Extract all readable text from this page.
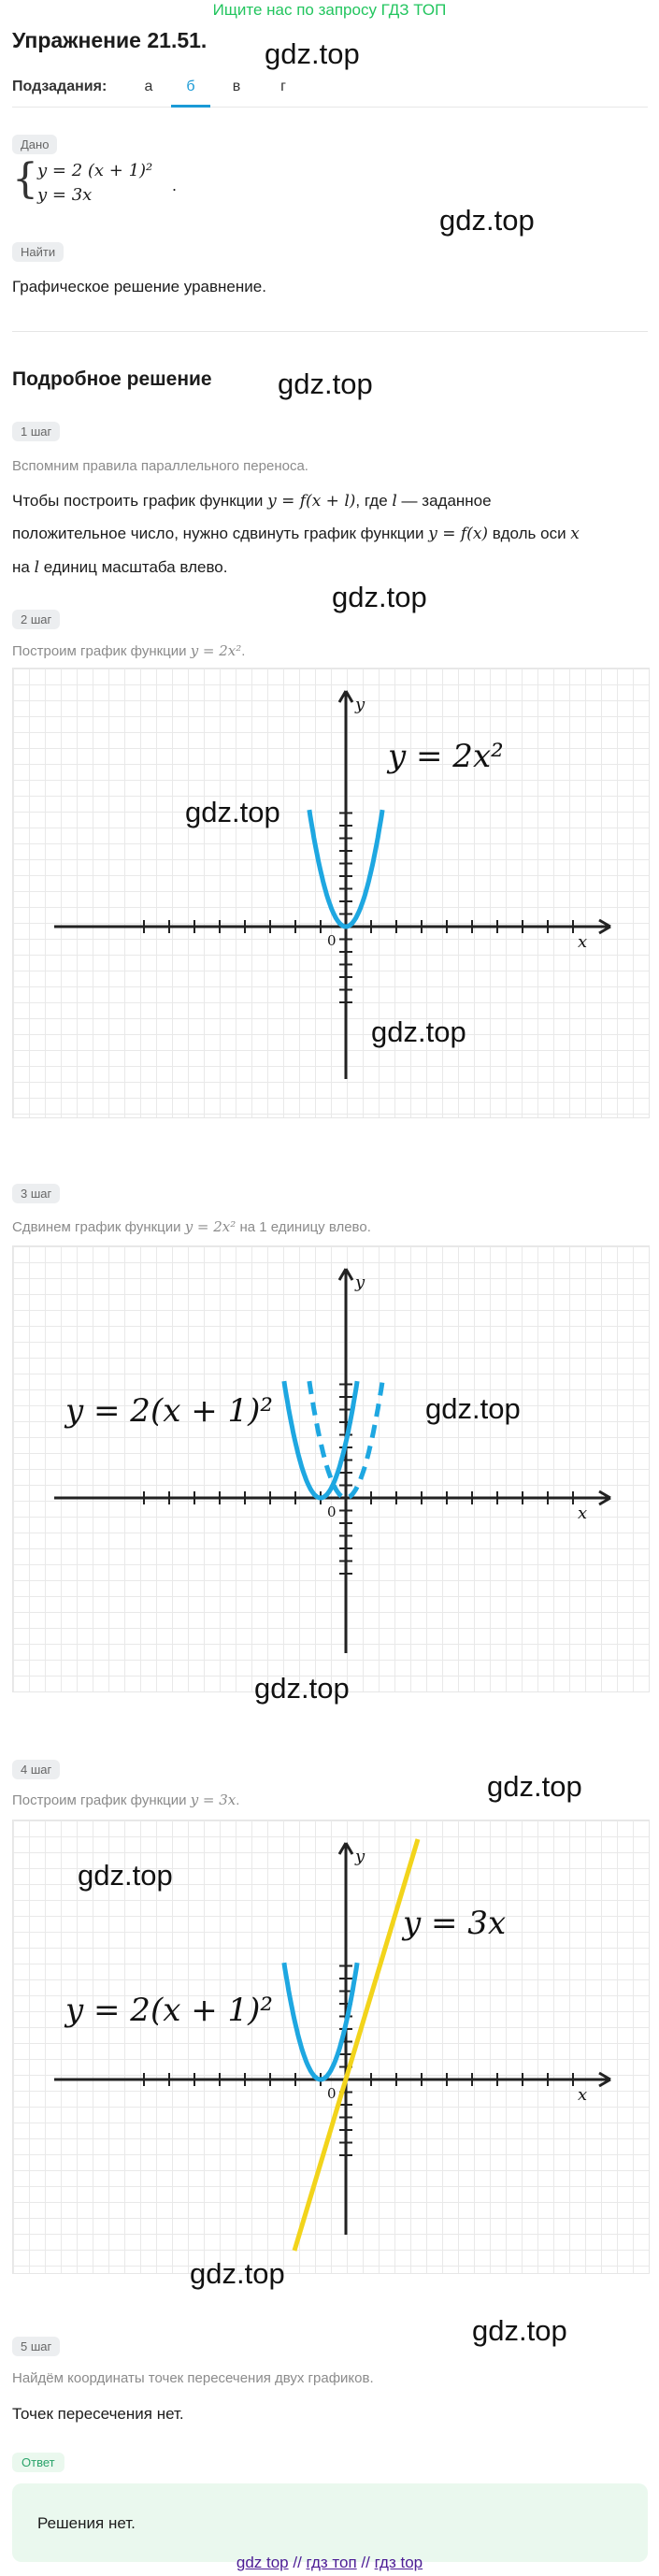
Ищите нас по запросу ГДЗ ТОП
Упражнение 21.51. gdz.top
Подзадания:	а	б	в	г
Дано
{ y = 2 (x + 1)²
y = 3x	.
gdz.top
Найти
Графическое решение уравнение.
Подробное решение gdz.top
1 шаг
Вспомним правила параллельного переноса.
Чтобы построить график функции y = f(x + l), где l — заданное
положительное число, нужно сдвинуть график функции y = f(x) вдоль оси x
на l единиц масштаба влево.
gdz.top
2 шаг
Построим график функции y = 2x².
x
y
0
y = 2x²
gdz.top
gdz.top
3 шаг
Сдвинем график функции y = 2x² на 1 единицу влево.
x
y
0
y = 2(x + 1)²	gdz.top
gdz.top
4 шаг
Построим график функции y = 3x.	gdz.top
x
y
0
y = 2(x + 1)²
y = 3x
gdz.top
gdz.top
5 шаг	gdz.top
Найдём координаты точек пересечения двух графиков.
Точек пересечения нет.
Ответ
Решения нет.
gdz top // гдз топ // гдз top
